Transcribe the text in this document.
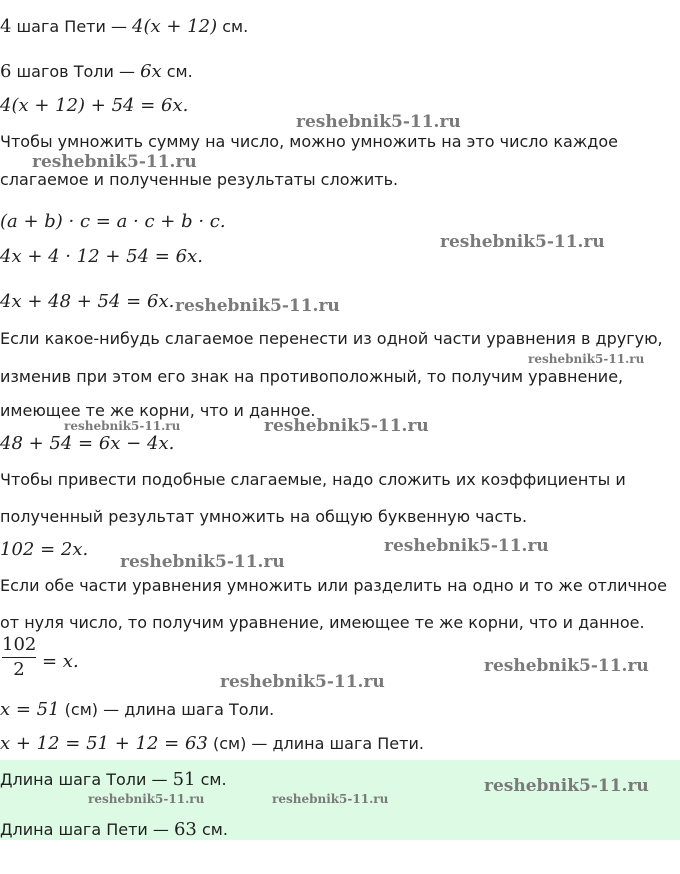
4 шага Пети — 4(x + 12) см.
6 шагов Толи — 6x см.
4(x + 12) + 54 = 6x.
Чтобы умножить сумму на число, можно умножить на это число каждое
слагаемое и полученные результаты сложить.
(a + b) · c = a · c + b · c.
4x + 4 · 12 + 54 = 6x.
4x + 48 + 54 = 6x.
Если какое-нибудь слагаемое перенести из одной части уравнения в другую,
изменив при этом его знак на противоположный, то получим уравнение,
имеющее те же корни, что и данное.
48 + 54 = 6x − 4x.
Чтобы привести подобные слагаемые, надо сложить их коэффициенты и
полученный результат умножить на общую буквенную часть.
102 = 2x.
Если обе части уравнения умножить или разделить на одно и то же отличное
от нуля число, то получим уравнение, имеющее те же корни, что и данное.
102
2 = x.
x = 51 (см) — длина шага Толи.
x + 12 = 51 + 12 = 63 (см) — длина шага Пети.
Длина шага Толи — 51 см.
Длина шага Пети — 63 см.
reshebnik5-11.ru
reshebnik5-11.ru
reshebnik5-11.ru
reshebnik5-11.ru
reshebnik5-11.ru
reshebnik5-11.ru	reshebnik5-11.ru
reshebnik5-11.ru
reshebnik5-11.ru
reshebnik5-11.ru
reshebnik5-11.ru
reshebnik5-11.ru
reshebnik5-11.ru	reshebnik5-11.ru
